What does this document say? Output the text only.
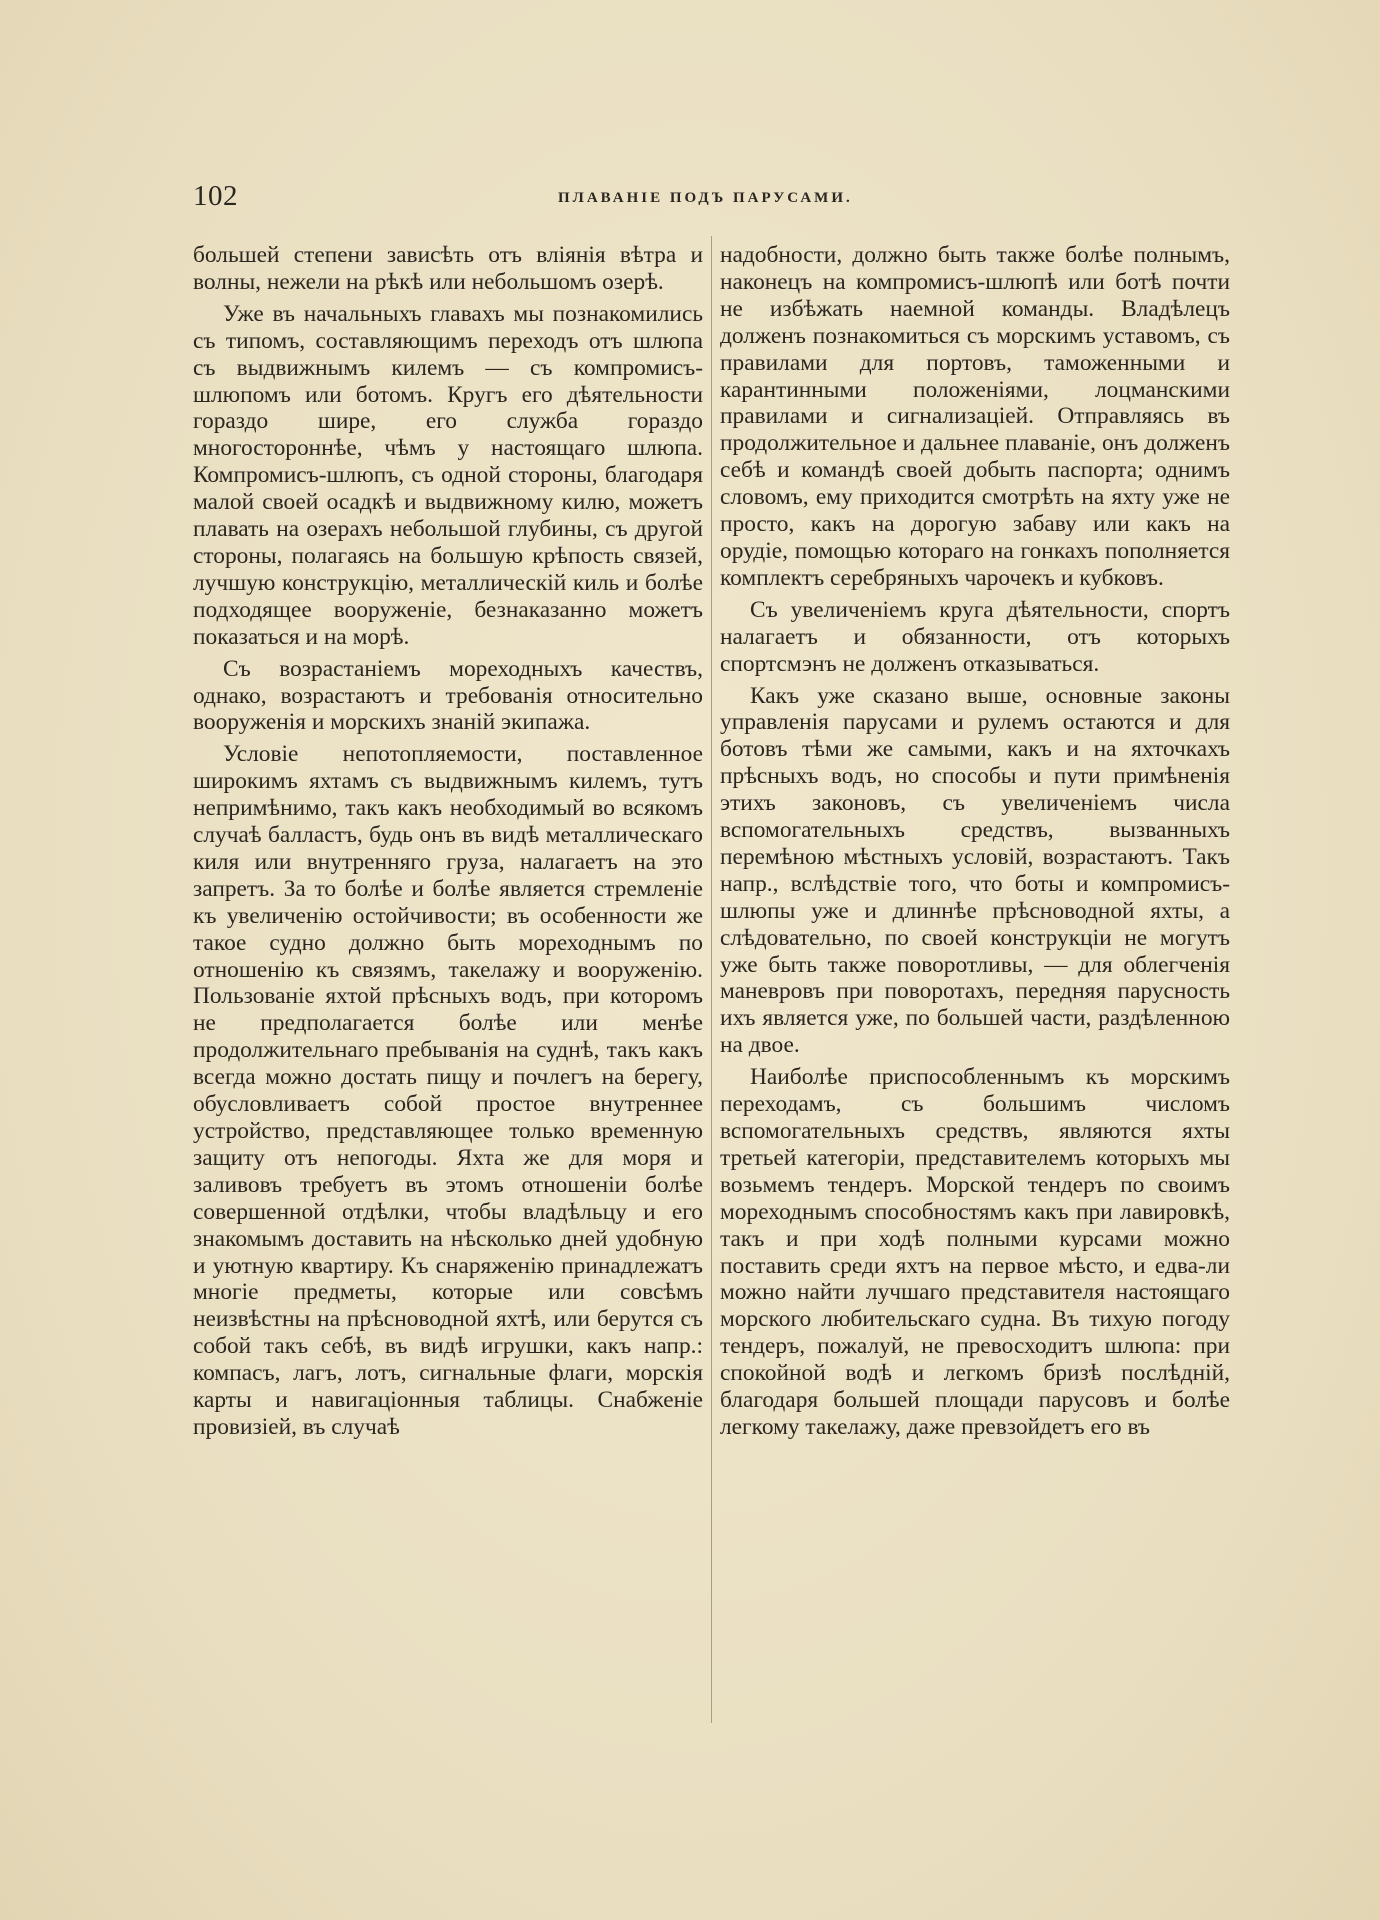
102	ПЛАВАНІЕ ПОДЪ ПАРУСАМИ.

большей степени зависѣть отъ вліянія вѣтра и волны, нежели на рѣкѣ или небольшомъ озерѣ.

Уже въ начальныхъ главахъ мы познакомились съ типомъ, составляющимъ переходъ отъ шлюпа съ выдвижнымъ килемъ — съ компромисъ-шлюпомъ или ботомъ. Кругъ его дѣятельности гораздо шире, его служба гораздо многостороннѣе, чѣмъ у настоящаго шлюпа. Компромисъ-шлюпъ, съ одной стороны, благодаря малой своей осадкѣ и выдвижному килю, можетъ плавать на озерахъ небольшой глубины, съ другой стороны, полагаясь на большую крѣпость связей, лучшую конструкцію, металлическій киль и болѣе подходящее вооруженіе, безнаказанно можетъ показаться и на морѣ.

Съ возрастаніемъ мореходныхъ качествъ, однако, возрастаютъ и требованія относительно вооруженія и морскихъ знаній экипажа.

Условіе непотопляемости, поставленное широкимъ яхтамъ съ выдвижнымъ килемъ, тутъ непримѣнимо, такъ какъ необходимый во всякомъ случаѣ балластъ, будь онъ въ видѣ металлическаго киля или внутренняго груза, налагаетъ на это запретъ. За то болѣе и болѣе является стремленіе къ увеличенію остойчивости; въ особенности же такое судно должно быть мореходнымъ по отношенію къ связямъ, такелажу и вооруженію. Пользованіе яхтой прѣсныхъ водъ, при которомъ не предполагается болѣе или менѣе продолжительнаго пребыванія на суднѣ, такъ какъ всегда можно достать пищу и почлегъ на берегу, обусловливаетъ собой простое внутреннее устройство, представляющее только временную защиту отъ непогоды. Яхта же для моря и заливовъ требуетъ въ этомъ отношеніи болѣе совершенной отдѣлки, чтобы владѣльцу и его знакомымъ доставить на нѣсколько дней удобную и уютную квартиру. Къ снаряженію принадлежатъ многіе предметы, которые или совсѣмъ неизвѣстны на прѣсноводной яхтѣ, или берутся съ собой такъ себѣ, въ видѣ игрушки, какъ напр.: компасъ, лагъ, лотъ, сигнальные флаги, морскія карты и навигаціонныя таблицы. Снабженіе провизіей, въ случаѣ

надобности, должно быть также болѣе полнымъ, наконецъ на компромисъ-шлюпѣ или ботѣ почти не избѣжать наемной команды. Владѣлецъ долженъ познакомиться съ морскимъ уставомъ, съ правилами для портовъ, таможенными и карантинными положеніями, лоцманскими правилами и сигнализаціей. Отправляясь въ продолжительное и дальнее плаваніе, онъ долженъ себѣ и командѣ своей добыть паспорта; однимъ словомъ, ему приходится смотрѣть на яхту уже не просто, какъ на дорогую забаву или какъ на орудіе, помощью котораго на гонкахъ пополняется комплектъ серебряныхъ чарочекъ и кубковъ.

Съ увеличеніемъ круга дѣятельности, спортъ налагаетъ и обязанности, отъ которыхъ спортсмэнъ не долженъ отказываться.

Какъ уже сказано выше, основные законы управленія парусами и рулемъ остаются и для ботовъ тѣми же самыми, какъ и на яхточкахъ прѣсныхъ водъ, но способы и пути примѣненія этихъ законовъ, съ увеличеніемъ числа вспомогательныхъ средствъ, вызванныхъ перемѣною мѣстныхъ условій, возрастаютъ. Такъ напр., вслѣдствіе того, что боты и компромисъ-шлюпы уже и длиннѣе прѣсноводной яхты, а слѣдовательно, по своей конструкціи не могутъ уже быть также поворотливы, — для облегченія маневровъ при поворотахъ, передняя парусность ихъ является уже, по большей части, раздѣленною на двое.

Наиболѣе приспособленнымъ къ морскимъ переходамъ, съ большимъ числомъ вспомогательныхъ средствъ, являются яхты третьей категоріи, представителемъ которыхъ мы возьмемъ тендеръ. Морской тендеръ по своимъ мореходнымъ способностямъ какъ при лавировкѣ, такъ и при ходѣ полными курсами можно поставить среди яхтъ на первое мѣсто, и едва-ли можно найти лучшаго представителя настоящаго морского любительскаго судна. Въ тихую погоду тендеръ, пожалуй, не превосходитъ шлюпа: при спокойной водѣ и легкомъ бризѣ послѣдній, благодаря большей площади парусовъ и болѣе легкому такелажу, даже превзойдетъ его въ
